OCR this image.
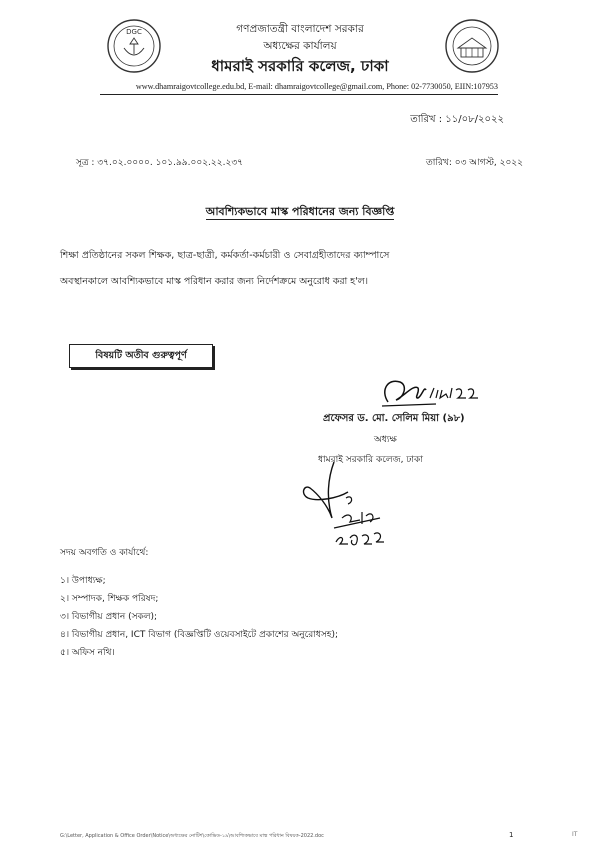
DGC	গণপ্রজাতন্ত্রী বাংলাদেশ সরকার
অধ্যক্ষের কার্যালয়
ধামরাই সরকারি কলেজ, ঢাকা
www.dhamraigovtcollege.edu.bd, E-mail: dhamraigovtcollege@gmail.com, Phone: 02-7730050, EIIN:107953
তারিখ : ১১/০৮/২০২২
সূত্র : ৩৭.০২.০০০০. ১০১.৯৯.০০২.২২.২৩৭	তারিখ: ০৩ আগস্ট, ২০২২
আবশ্যিকভাবে মাস্ক পরিধানের জন্য বিজ্ঞপ্তি
শিক্ষা প্রতিষ্ঠানের সকল শিক্ষক, ছাত্র-ছাত্রী, কর্মকর্তা-কর্মচারী ও সেবাগ্রহীতাদের ক্যাম্পাসে
অবস্থানকালে আবশ্যিকভাবে মাস্ক পরিধান করার জন্য নির্দেশক্রমে অনুরোধ করা হ'ল।
বিষয়টি অতীব গুরুত্বপূর্ণ
প্রফেসর ড. মো. সেলিম মিয়া (৯৮)
অধ্যক্ষ
ধামরাই সরকারি কলেজ, ঢাকা
সদয় অবগতি ও কার্যার্থে:
১। উপাধ্যক্ষ;
২। সম্পাদক, শিক্ষক পরিষদ;
৩। বিভাগীয় প্রধান (সকল);
৪। বিভাগীয় প্রধান, ICT বিভাগ (বিজ্ঞপ্তিটি ওয়েবসাইটে প্রকাশের অনুরোধসহ);
৫। অফিস নথি।
G:\Letter, Application & Office Order\Notice\অধ্যক্ষের নোটিশ\কোভিড-১৯\আবশ্যিকভাবে মাস্ক পরিধান বিষয়ক-2022.doc	1	IT
